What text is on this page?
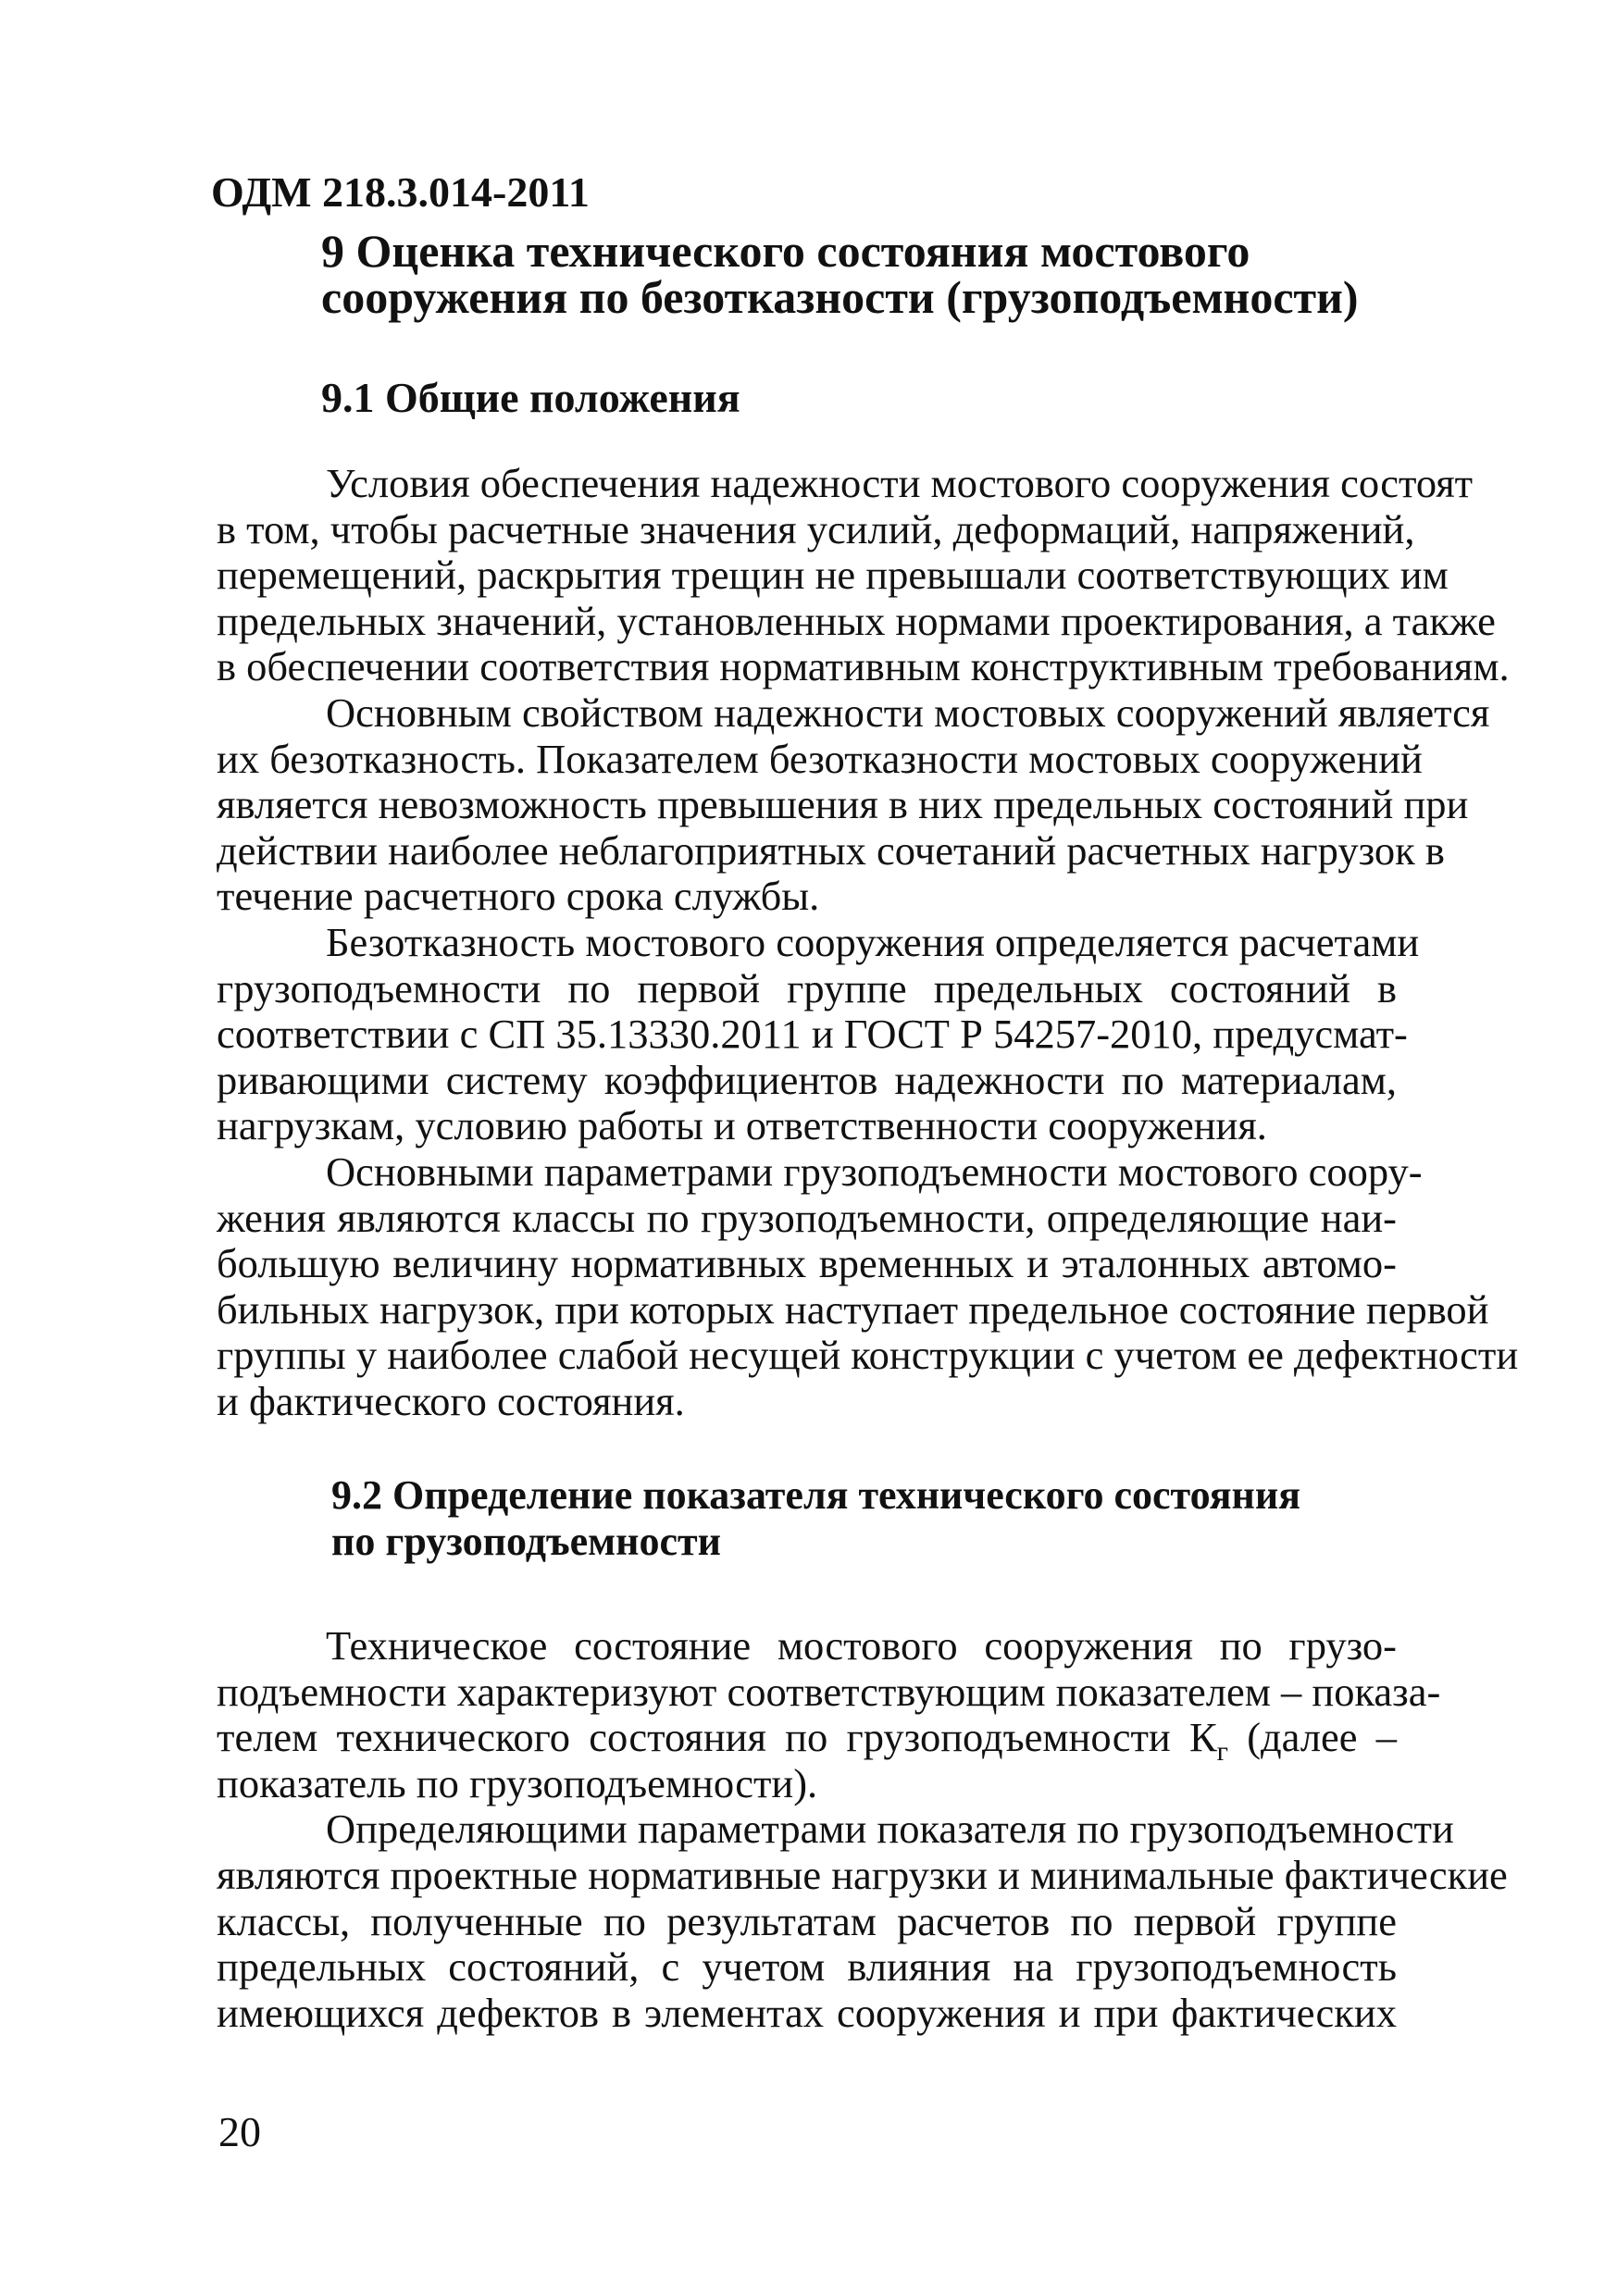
ОДМ 218.3.014-2011
9 Оценка технического состояния мостового
сооружения по безотказности (грузоподъемности)
9.1 Общие положения
Условия обеспечения надежности мостового сооружения состоят
в том, чтобы расчетные значения усилий, деформаций, напряжений,
перемещений, раскрытия трещин не превышали соответствующих им
предельных значений, установленных нормами проектирования, а также
в обеспечении соответствия нормативным конструктивным требованиям.
Основным свойством надежности мостовых сооружений является
их безотказность. Показателем безотказности мостовых сооружений
является невозможность превышения в них предельных состояний при
действии наиболее неблагоприятных сочетаний расчетных нагрузок в
течение расчетного срока службы.
Безотказность мостового сооружения определяется расчетами
грузоподъемности по первой группе предельных состояний в
соответствии с СП 35.13330.2011 и ГОСТ Р 54257-2010, предусмат-
ривающими систему коэффициентов надежности по материалам,
нагрузкам, условию работы и ответственности сооружения.
Основными параметрами грузоподъемности мостового соору-
жения являются классы по грузоподъемности, определяющие наи-
большую величину нормативных временных и эталонных автомо-
бильных нагрузок, при которых наступает предельное состояние первой
группы у наиболее слабой несущей конструкции с учетом ее дефектности
и фактического состояния.
9.2 Определение показателя технического состояния
по грузоподъемности
Техническое состояние мостового сооружения по грузо-
подъемности характеризуют соответствующим показателем – показа-
телем технического состояния по грузоподъемности $К_г$ (далее –
показатель по грузоподъемности).
Определяющими параметрами показателя по грузоподъемности
являются проектные нормативные нагрузки и минимальные фактические
классы, полученные по результатам расчетов по первой группе
предельных состояний, с учетом влияния на грузоподъемность
имеющихся дефектов в элементах сооружения и при фактических
20
